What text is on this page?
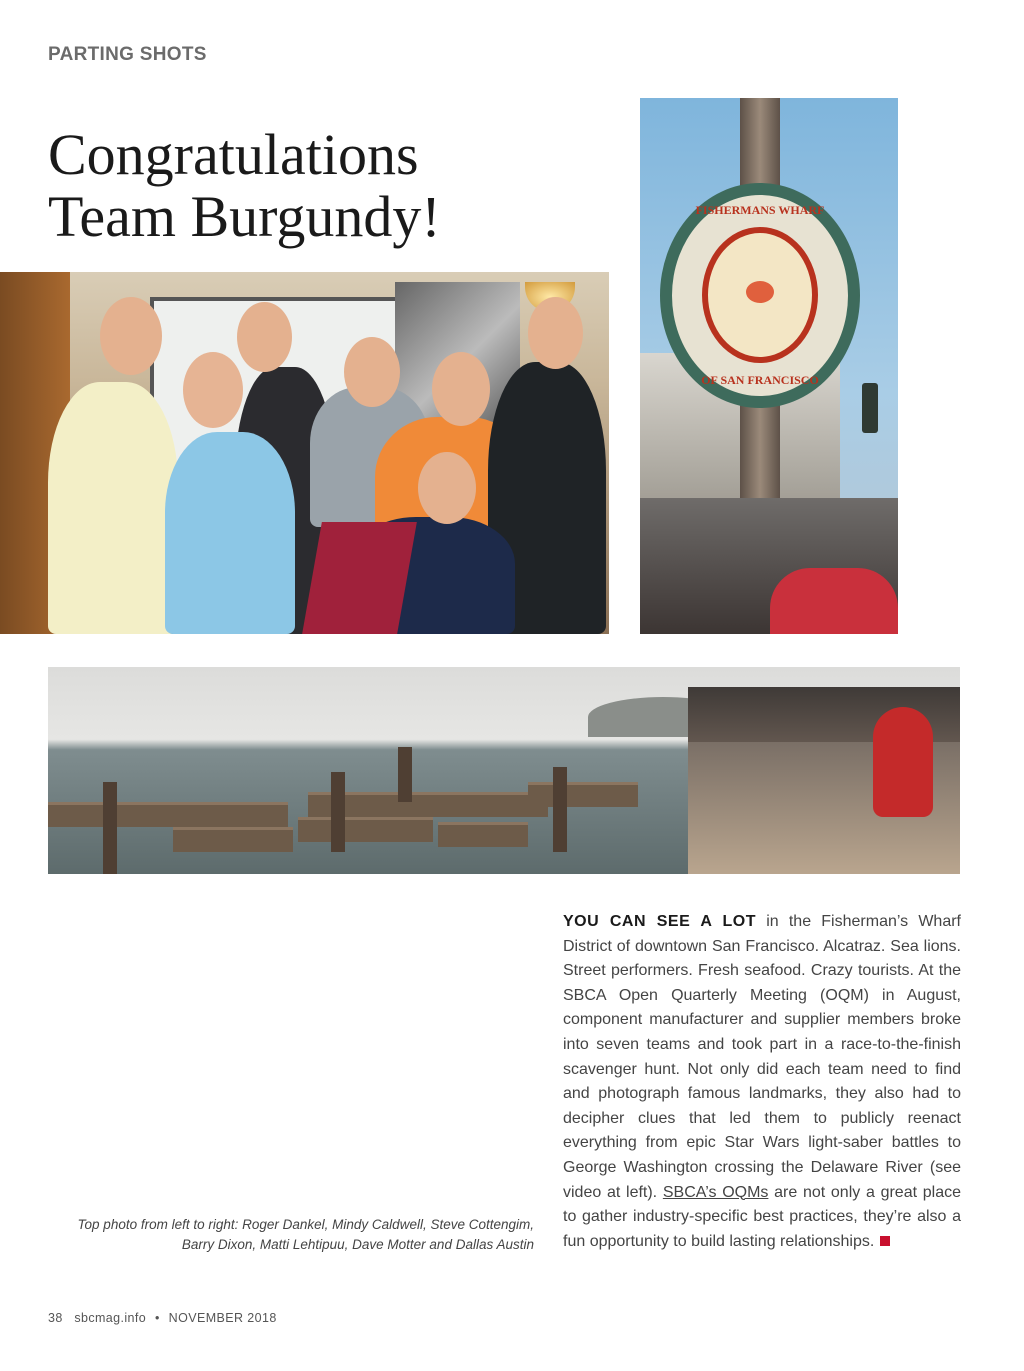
PARTING SHOTS
Congratulations
Team Burgundy!	FISHERMANS WHARF
OF SAN FRANCISCO
Top photo from left to right: Roger Dankel, Mindy Caldwell, Steve Cottengim,
Barry Dixon, Matti Lehtipuu, Dave Motter and Dallas Austin

YOU CAN SEE A LOT in the Fisherman’s Wharf District of downtown San Francisco. Alcatraz. Sea lions. Street performers. Fresh seafood. Crazy tourists. At the SBCA Open Quarterly Meeting (OQM) in August, component manufacturer and supplier members broke into seven teams and took part in a race-to-the-finish scavenger hunt. Not only did each team need to find and photograph famous landmarks, they also had to decipher clues that led them to publicly reenact everything from epic Star Wars light-saber battles to George Washington crossing the Delaware River (see video at left). SBCA’s OQMs are not only a great place to gather industry-specific best practices, they’re also a fun opportunity to build lasting relationships.

38 sbcmag.info • NOVEMBER 2018
